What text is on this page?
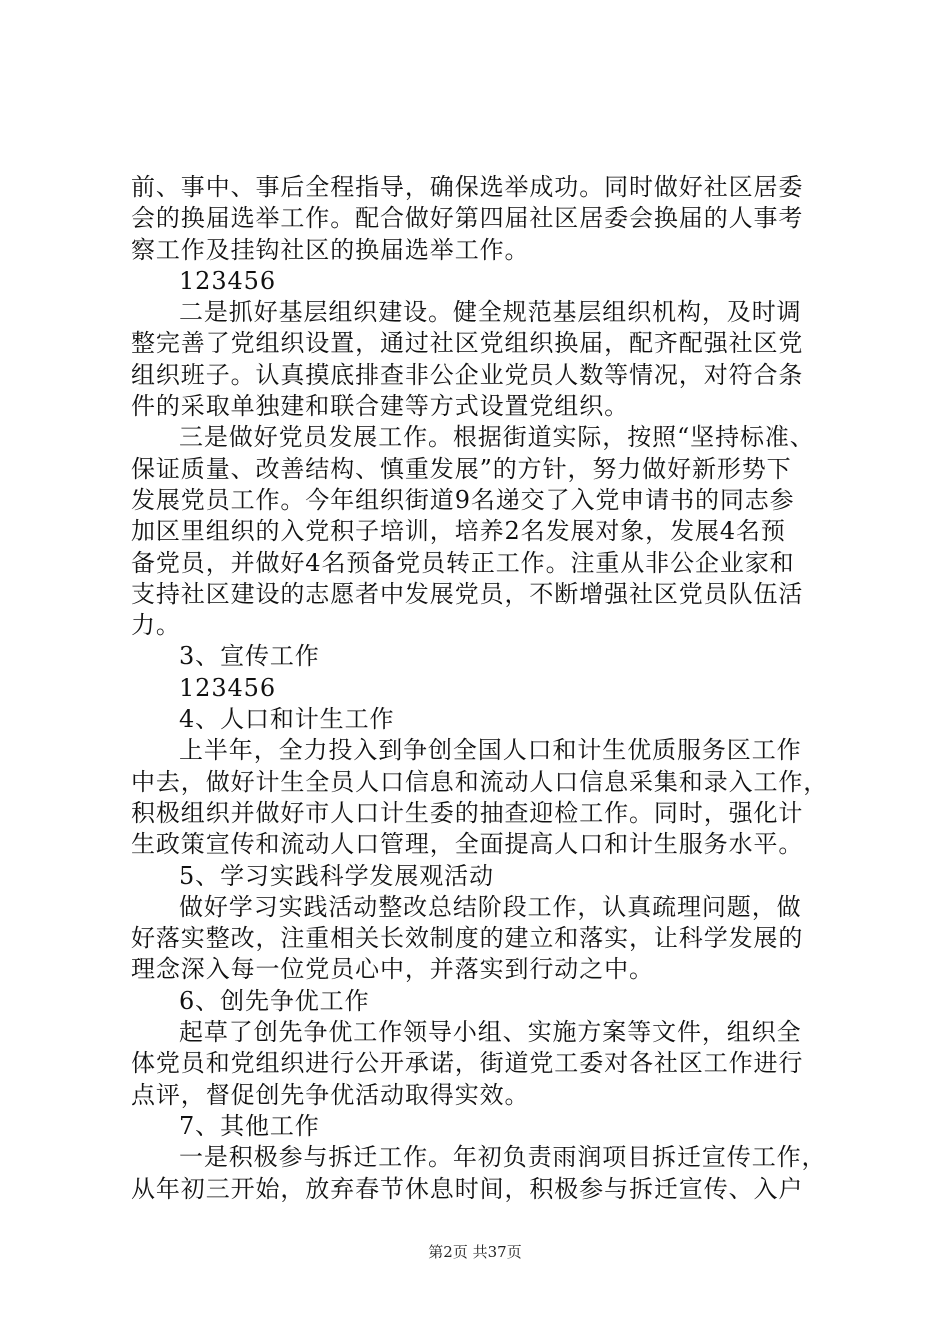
前、事中、事后全程指导，确保选举成功。同时做好社区居委
会的换届选举工作。配合做好第四届社区居委会换届的人事考
察工作及挂钩社区的换届选举工作。
123456
二是抓好基层组织建设。健全规范基层组织机构，及时调
整完善了党组织设置，通过社区党组织换届，配齐配强社区党
组织班子。认真摸底排查非公企业党员人数等情况，对符合条
件的采取单独建和联合建等方式设置党组织。
三是做好党员发展工作。根据街道实际，按照“坚持标准、
保证质量、改善结构、慎重发展”的方针，努力做好新形势下
发展党员工作。今年组织街道9名递交了入党申请书的同志参
加区里组织的入党积子培训，培养2名发展对象，发展4名预
备党员，并做好4名预备党员转正工作。注重从非公企业家和
支持社区建设的志愿者中发展党员，不断增强社区党员队伍活
力。
3、宣传工作
123456
4、人口和计生工作
上半年，全力投入到争创全国人口和计生优质服务区工作
中去，做好计生全员人口信息和流动人口信息采集和录入工作，
积极组织并做好市人口计生委的抽查迎检工作。同时，强化计
生政策宣传和流动人口管理，全面提高人口和计生服务水平。
5、学习实践科学发展观活动
做好学习实践活动整改总结阶段工作，认真疏理问题，做
好落实整改，注重相关长效制度的建立和落实，让科学发展的
理念深入每一位党员心中，并落实到行动之中。
6、创先争优工作
起草了创先争优工作领导小组、实施方案等文件，组织全
体党员和党组织进行公开承诺，街道党工委对各社区工作进行
点评，督促创先争优活动取得实效。
7、其他工作
一是积极参与拆迁工作。年初负责雨润项目拆迁宣传工作，
从年初三开始，放弃春节休息时间，积极参与拆迁宣传、入户
第2页 共37页
